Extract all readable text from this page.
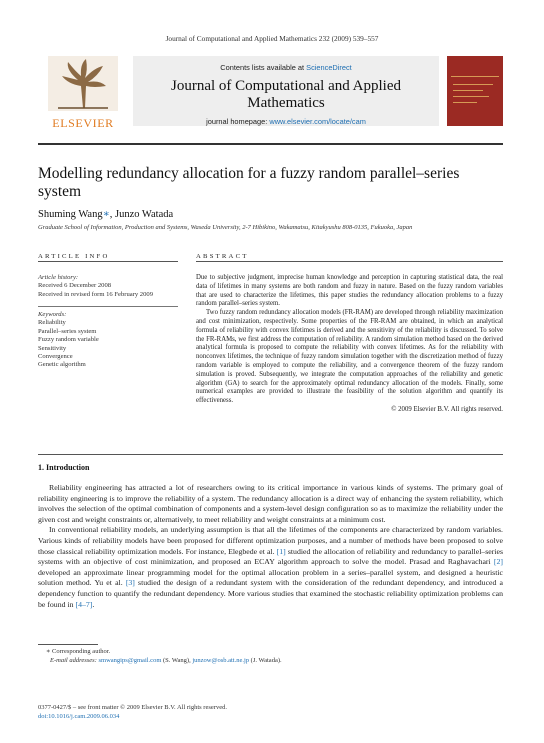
Journal of Computational and Applied Mathematics 232 (2009) 539–557
ELSEVIER
Contents lists available at ScienceDirect
Journal of Computational and Applied
Mathematics
journal homepage: www.elsevier.com/locate/cam
Modelling redundancy allocation for a fuzzy random parallel–series
system
Shuming Wang∗, Junzo Watada
Graduate School of Information, Production and Systems, Waseda University, 2-7 Hibikino, Wakamatsu, Kitakyushu 808-0135, Fukuoka, Japan
ARTICLE INFO	ABSTRACT
Article history:
Received 6 December 2008
Received in revised form 16 February 2009
Keywords:
Reliability
Parallel–series system
Fuzzy random variable
Sensitivity
Convergence
Genetic algorithm

Due to subjective judgment, imprecise human knowledge and perception in capturing statistical data, the real data of lifetimes in many systems are both random and fuzzy in nature. Based on the fuzzy random variables that are used to characterize the lifetimes, this paper studies the redundancy allocation problems to a fuzzy random parallel–series system.

Two fuzzy random redundancy allocation models (FR-RAM) are developed through reliability maximization and cost minimization, respectively. Some properties of the FR-RAM are obtained, in which an analytical formula of reliability with convex lifetimes is derived and the sensitivity of the reliability is discussed. To solve the FR-RAMs, we first address the computation of reliability. A random simulation method based on the derived analytical formula is proposed to compute the reliability with convex lifetimes. As for the reliability with nonconvex lifetimes, the technique of fuzzy random simulation together with the discretization method of fuzzy random variable is employed to compute the reliability, and a convergence theorem of the fuzzy random simulation is proved. Subsequently, we integrate the computation approaches of the reliability and genetic algorithm (GA) to search for the approximately optimal redundancy allocation of the models. Finally, some numerical examples are provided to illustrate the feasibility of the solution algorithm and quantify its effectiveness.

© 2009 Elsevier B.V. All rights reserved.
1. Introduction

Reliability engineering has attracted a lot of researchers owing to its critical importance in various kinds of systems. The primary goal of reliability engineering is to improve the reliability of a system. The redundancy allocation is a direct way of enhancing the system reliability, which involves the selection of the optimal combination of components and a system-level design configuration so as to maximize the reliability under the given cost and weight constraints or, alternatively, to meet reliability and weight constraints at a minimum cost.

In conventional reliability models, an underlying assumption is that all the lifetimes of the components are characterized by random variables. Various kinds of reliability models have been proposed for different optimization purposes, and a number of methods have been proposed to solve those classical reliability optimization models. For instance, Elegbede et al. [1] studied the allocation of reliability and redundancy to parallel–series systems with an objective of cost minimization, and proposed an ECAY algorithm approach to solve the model. Prasad and Raghavachari [2] developed an approximate linear programming model for the optimal allocation problem in a series–parallel system, and designed a heuristic solution method. Yu et al. [3] studied the design of a redundant system with the consideration of the redundant dependency, and introduced a dependency function to quantify the redundant dependency. More various studies that examined the stochastic reliability optimization problems can be found in [4–7].

∗ Corresponding author.
E-mail addresses: smwangips@gmail.com (S. Wang), junzow@osb.att.ne.jp (J. Watada).
0377-0427/$ – see front matter © 2009 Elsevier B.V. All rights reserved.
doi:10.1016/j.cam.2009.06.034
